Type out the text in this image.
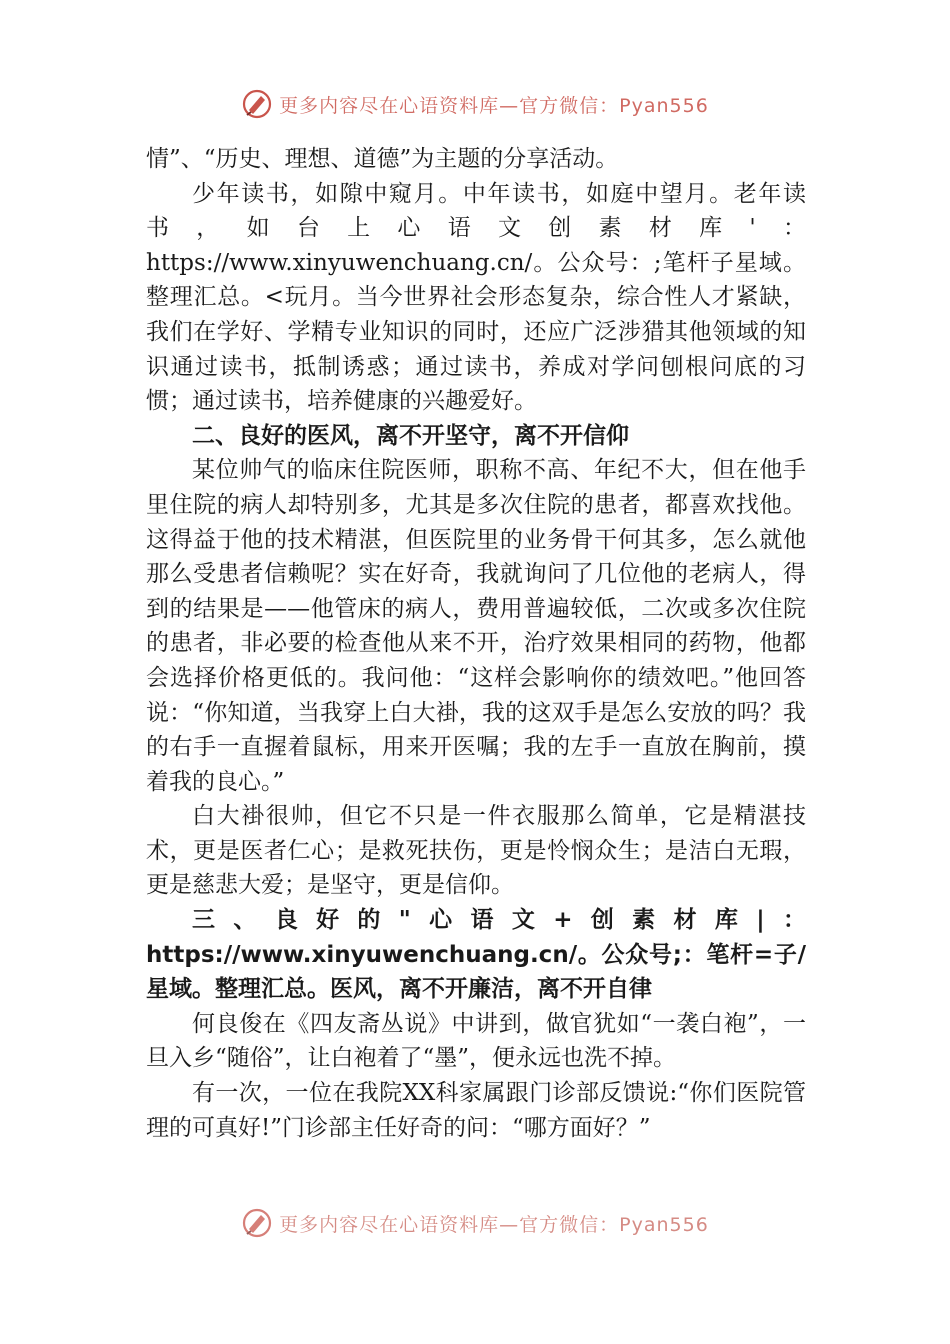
更多内容尽在心语资料库—官方微信：Pyan556

情”、“历史、理想、道德”为主题的分享活动。

少年读书，如隙中窥月。中年读书，如庭中望月。老年读书，如台上心语文创素材库'：https://www.xinyuwenchuang.cn/。公众号：;笔杆子星域。整理汇总。<玩月。当今世界社会形态复杂，综合性人才紧缺，我们在学好、学精专业知识的同时，还应广泛涉猎其他领域的知识通过读书，抵制诱惑；通过读书，养成对学问刨根问底的习惯；通过读书，培养健康的兴趣爱好。

二、良好的医风，离不开坚守，离不开信仰

某位帅气的临床住院医师，职称不高、年纪不大，但在他手里住院的病人却特别多，尤其是多次住院的患者，都喜欢找他。这得益于他的技术精湛，但医院里的业务骨干何其多，怎么就他那么受患者信赖呢？实在好奇，我就询问了几位他的老病人，得到的结果是——他管床的病人，费用普遍较低，二次或多次住院的患者，非必要的检查他从来不开，治疗效果相同的药物，他都会选择价格更低的。我问他：“这样会影响你的绩效吧。”他回答说：“你知道，当我穿上白大褂，我的这双手是怎么安放的吗？我的右手一直握着鼠标，用来开医嘱；我的左手一直放在胸前，摸着我的良心。”

白大褂很帅，但它不只是一件衣服那么简单，它是精湛技术，更是医者仁心；是救死扶伤，更是怜悯众生；是洁白无瑕，更是慈悲大爱；是坚守，更是信仰。

三、良好的"心语文+创素材库|：https://www.xinyuwenchuang.cn/。公众号;：笔杆=子/星域。整理汇总。医风，离不开廉洁，离不开自律

何良俊在《四友斋丛说》中讲到，做官犹如“一袭白袍”，一旦入乡“随俗”，让白袍着了“墨”，便永远也洗不掉。

有一次，一位在我院XX科家属跟门诊部反馈说:“你们医院管理的可真好!”门诊部主任好奇的问：“哪方面好？”

更多内容尽在心语资料库—官方微信：Pyan556
